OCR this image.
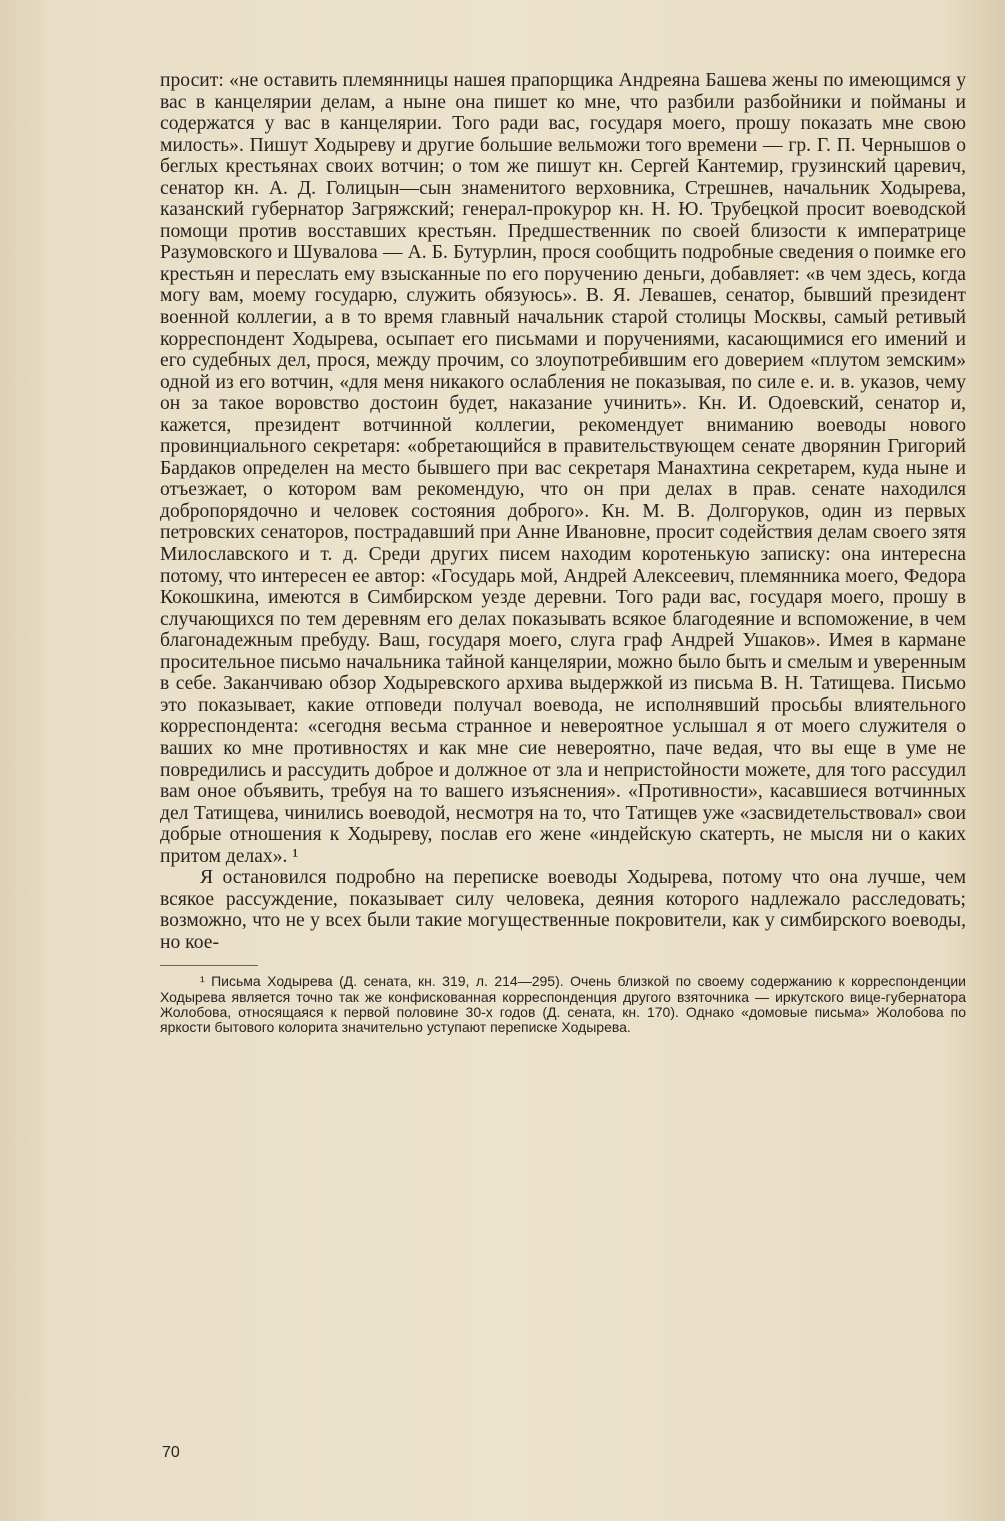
просит: «не оставить племянницы нашея прапорщика Андреяна Башева жены по имеющимся у вас в канцелярии делам, а ныне она пишет ко мне, что разбили разбойники и пойманы и содержатся у вас в канцелярии. Того ради вас, государя моего, прошу показать мне свою милость». Пишут Ходыреву и другие большие вельможи того времени — гр. Г. П. Чернышов о беглых крестьянах своих вотчин; о том же пишут кн. Сергей Кантемир, грузинский царевич, сенатор кн. А. Д. Голицын—сын знаменитого верховника, Стрешнев, начальник Ходырева, казанский губернатор Загряжский; генерал-прокурор кн. Н. Ю. Трубецкой просит воеводской помощи против восставших крестьян. Предшественник по своей близости к императрице Разумовского и Шувалова — А. Б. Бутурлин, прося сообщить подробные сведения о поимке его крестьян и переслать ему взысканные по его поручению деньги, добавляет: «в чем здесь, когда могу вам, моему государю, служить обязуюсь». В. Я. Левашев, сенатор, бывший президент военной коллегии, а в то время главный начальник старой столицы Москвы, самый ретивый корреспондент Ходырева, осыпает его письмами и поручениями, касающимися его имений и его судебных дел, прося, между прочим, со злоупотребившим его доверием «плутом земским» одной из его вотчин, «для меня никакого ослабления не показывая, по силе е. и. в. указов, чему он за такое воровство достоин будет, наказание учинить». Кн. И. Одоевский, сенатор и, кажется, президент вотчинной коллегии, рекомендует вниманию воеводы нового провинциального секретаря: «обретающийся в правительствующем сенате дворянин Григорий Бардаков определен на место бывшего при вас секретаря Манахтина секретарем, куда ныне и отъезжает, о котором вам рекомендую, что он при делах в прав. сенате находился добропорядочно и человек состояния доброго». Кн. М. В. Долгоруков, один из первых петровских сенаторов, пострадавший при Анне Ивановне, просит содействия делам своего зятя Милославского и т. д. Среди других писем находим коротенькую записку: она интересна потому, что интересен ее автор: «Государь мой, Андрей Алексеевич, племянника моего, Федора Кокошкина, имеются в Симбирском уезде деревни. Того ради вас, государя моего, прошу в случающихся по тем деревням его делах показывать всякое благодеяние и вспоможение, в чем благонадежным пребуду. Ваш, государя моего, слуга граф Андрей Ушаков». Имея в кармане просительное письмо начальника тайной канцелярии, можно было быть и смелым и уверенным в себе. Заканчиваю обзор Ходыревского архива выдержкой из письма В. Н. Татищева. Письмо это показывает, какие отповеди получал воевода, не исполнявший просьбы влиятельного корреспондента: «сегодня весьма странное и невероятное услышал я от моего служителя о ваших ко мне противностях и как мне сие невероятно, паче ведая, что вы еще в уме не повредились и рассудить доброе и должное от зла и непристойности можете, для того рассудил вам оное объявить, требуя на то вашего изъяснения». «Противности», касавшиеся вотчинных дел Татищева, чинились воеводой, несмотря на то, что Татищев уже «засвидетельствовал» свои добрые отношения к Ходыреву, послав его жене «индейскую скатерть, не мысля ни о каких притом делах». ¹

Я остановился подробно на переписке воеводы Ходырева, потому что она лучше, чем всякое рассуждение, показывает силу человека, деяния которого надлежало расследовать; возможно, что не у всех были такие могущественные покровители, как у симбирского воеводы, но кое-

¹ Письма Ходырева (Д. сената, кн. 319, л. 214—295). Очень близкой по своему содержанию к корреспонденции Ходырева является точно так же конфискованная корреспонденция другого взяточника — иркутского вице-губернатора Жолобова, относящаяся к первой половине 30-х годов (Д. сената, кн. 170). Однако «домовые письма» Жолобова по яркости бытового колорита значительно уступают переписке Ходырева.

70
